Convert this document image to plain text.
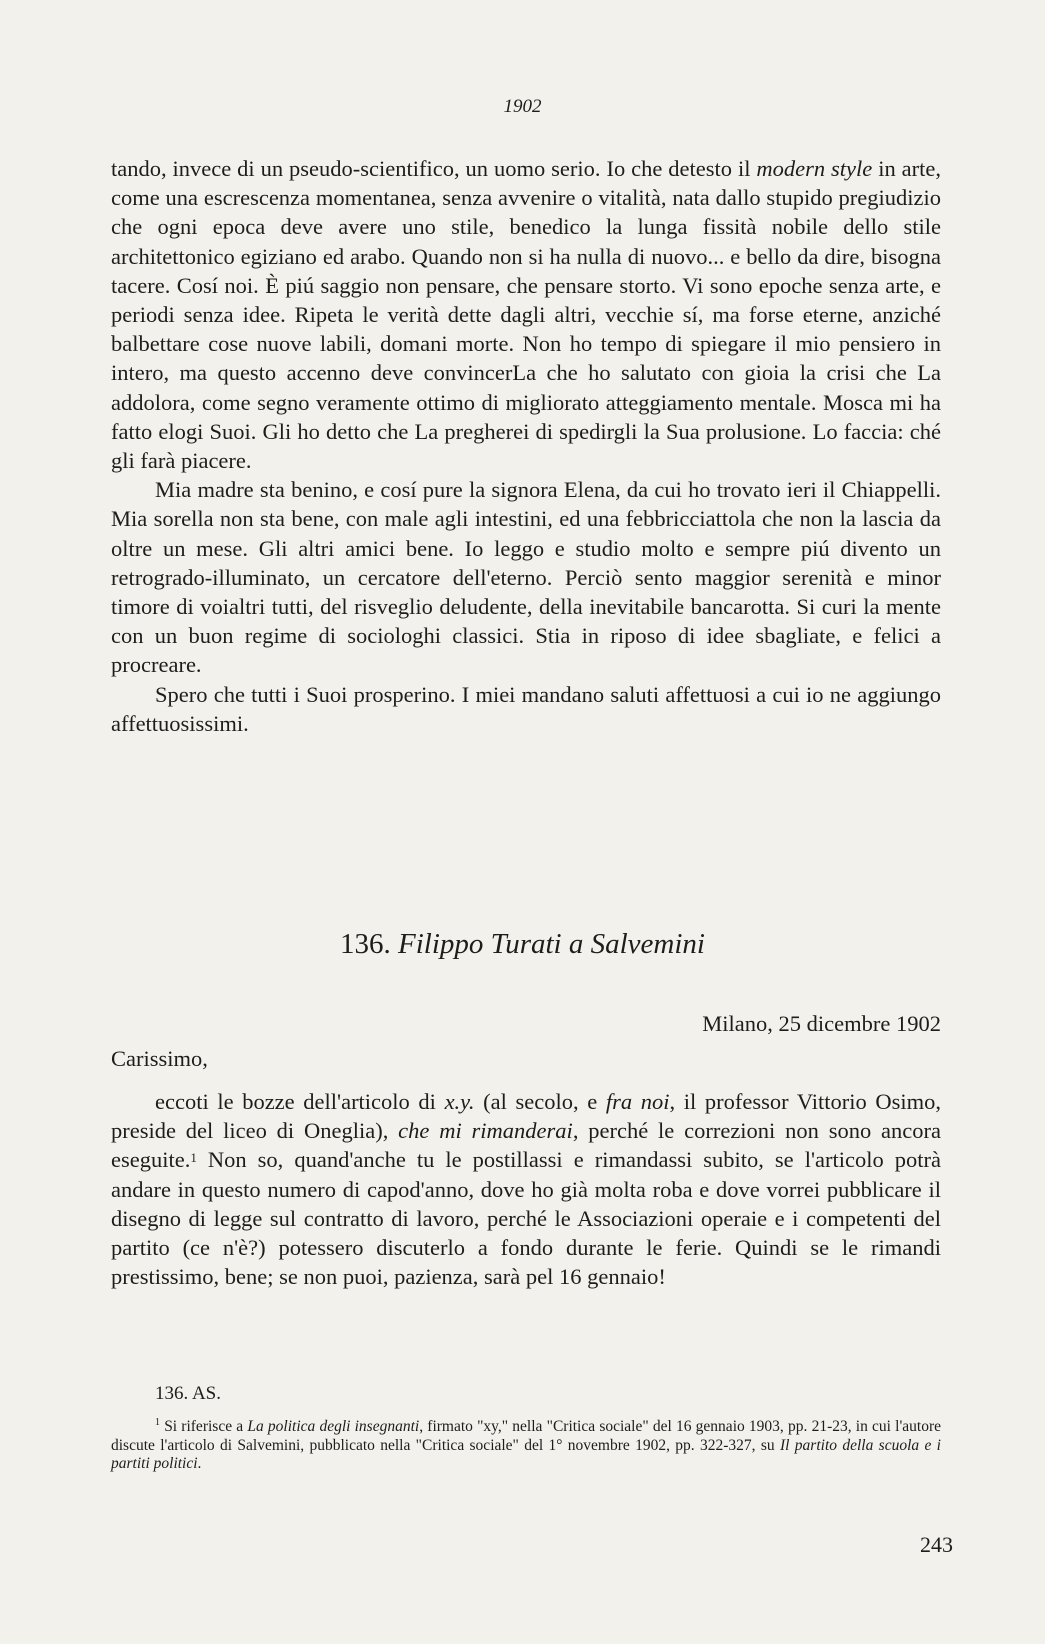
1902

tando, invece di un pseudo-scientifico, un uomo serio. Io che detesto il modern style in arte, come una escrescenza momentanea, senza avvenire o vitalità, nata dallo stupido pregiudizio che ogni epoca deve avere uno stile, benedico la lunga fissità nobile dello stile architettonico egiziano ed arabo. Quando non si ha nulla di nuovo... e bello da dire, bisogna tacere. Cosí noi. È piú saggio non pensare, che pensare storto. Vi sono epoche senza arte, e periodi senza idee. Ripeta le verità dette dagli altri, vecchie sí, ma forse eterne, anziché balbettare cose nuove labili, domani morte. Non ho tempo di spiegare il mio pensiero in intero, ma questo accenno deve convincerLa che ho salutato con gioia la crisi che La addolora, come segno veramente ottimo di migliorato atteggiamento mentale. Mosca mi ha fatto elogi Suoi. Gli ho detto che La pregherei di spedirgli la Sua prolusione. Lo faccia: ché gli farà piacere.

Mia madre sta benino, e cosí pure la signora Elena, da cui ho trovato ieri il Chiappelli. Mia sorella non sta bene, con male agli intestini, ed una febbricciattola che non la lascia da oltre un mese. Gli altri amici bene. Io leggo e studio molto e sempre piú divento un retrogrado-illuminato, un cercatore dell'eterno. Perciò sento maggior serenità e minor timore di voialtri tutti, del risveglio deludente, della inevitabile bancarotta. Si curi la mente con un buon regime di sociologhi classici. Stia in riposo di idee sbagliate, e felici a procreare.

Spero che tutti i Suoi prosperino. I miei mandano saluti affettuosi a cui io ne aggiungo affettuosissimi.

136. Filippo Turati a Salvemini
Milano, 25 dicembre 1902
Carissimo,

eccoti le bozze dell'articolo di x.y. (al secolo, e fra noi, il professor Vittorio Osimo, preside del liceo di Oneglia), che mi rimanderai, perché le correzioni non sono ancora eseguite.$^1$ Non so, quand'anche tu le postillassi e rimandassi subito, se l'articolo potrà andare in questo numero di capod'anno, dove ho già molta roba e dove vorrei pubblicare il disegno di legge sul contratto di lavoro, perché le Associazioni operaie e i competenti del partito (ce n'è?) potessero discuterlo a fondo durante le ferie. Quindi se le rimandi prestissimo, bene; se non puoi, pazienza, sarà pel 16 gennaio!

136. AS.

$^1$ Si riferisce a La politica degli insegnanti, firmato "xy," nella "Critica sociale" del 16 gennaio 1903, pp. 21-23, in cui l'autore discute l'articolo di Salvemini, pubblicato nella "Critica sociale" del 1° novembre 1902, pp. 322-327, su Il partito della scuola e i partiti politici.

243
